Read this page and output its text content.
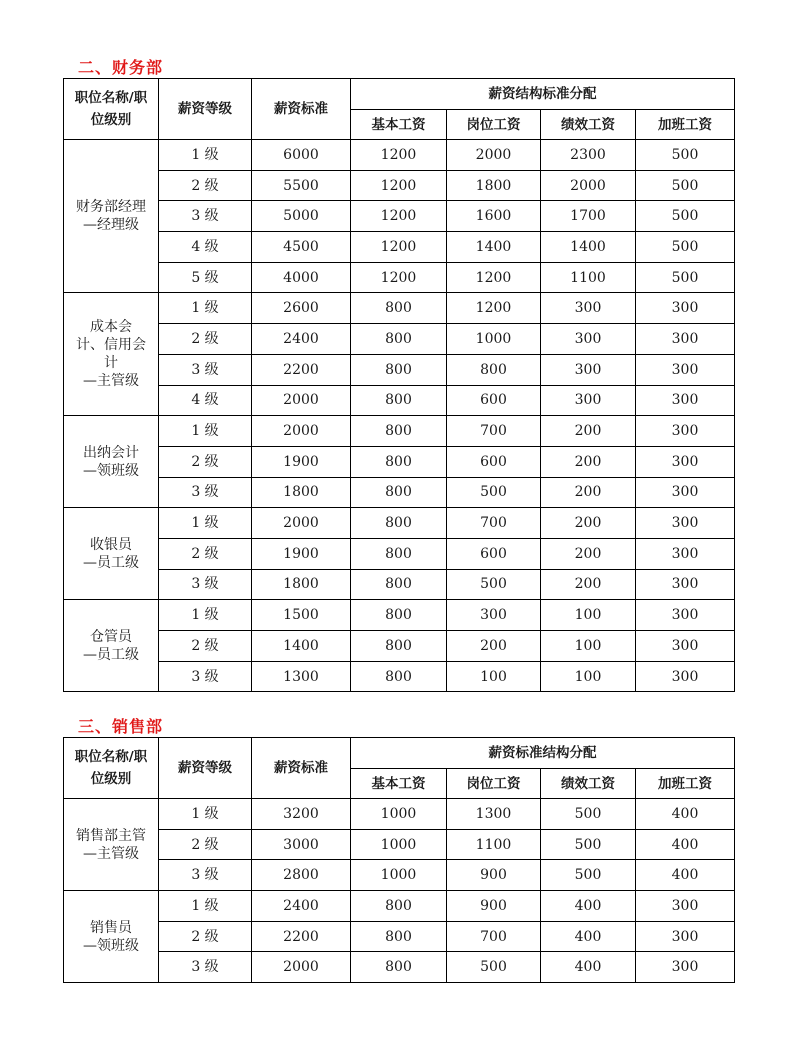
二、财务部
职位名称/职位级别	薪资等级	薪资标准	薪资结构标准分配			
			基本工资	岗位工资	绩效工资	加班工资

财务部经理
—经理级	1 级	6000	1200	2000	2300	500
	2 级	5500	1200	1800	2000	500
	3 级	5000	1200	1600	1700	500
	4 级	4500	1200	1400	1400	500
	5 级	4000	1200	1200	1100	500

成本会
计、信用会
计
—主管级	1 级	2600	800	1200	300	300
	2 级	2400	800	1000	300	300
	3 级	2200	800	800	300	300
	4 级	2000	800	600	300	300

出纳会计
—领班级	1 级	2000	800	700	200	300
	2 级	1900	800	600	200	300
	3 级	1800	800	500	200	300

收银员
—员工级	1 级	2000	800	700	200	300
	2 级	1900	800	600	200	300
	3 级	1800	800	500	200	300

仓管员
—员工级	1 级	1500	800	300	100	300
	2 级	1400	800	200	100	300
	3 级	1300	800	100	100	300
三、销售部
职位名称/职位级别	薪资等级	薪资标准	薪资标准结构分配			
			基本工资	岗位工资	绩效工资	加班工资

销售部主管
—主管级	1 级	3200	1000	1300	500	400
	2 级	3000	1000	1100	500	400
	3 级	2800	1000	900	500	400

销售员
—领班级	1 级	2400	800	900	400	300
	2 级	2200	800	700	400	300
	3 级	2000	800	500	400	300
